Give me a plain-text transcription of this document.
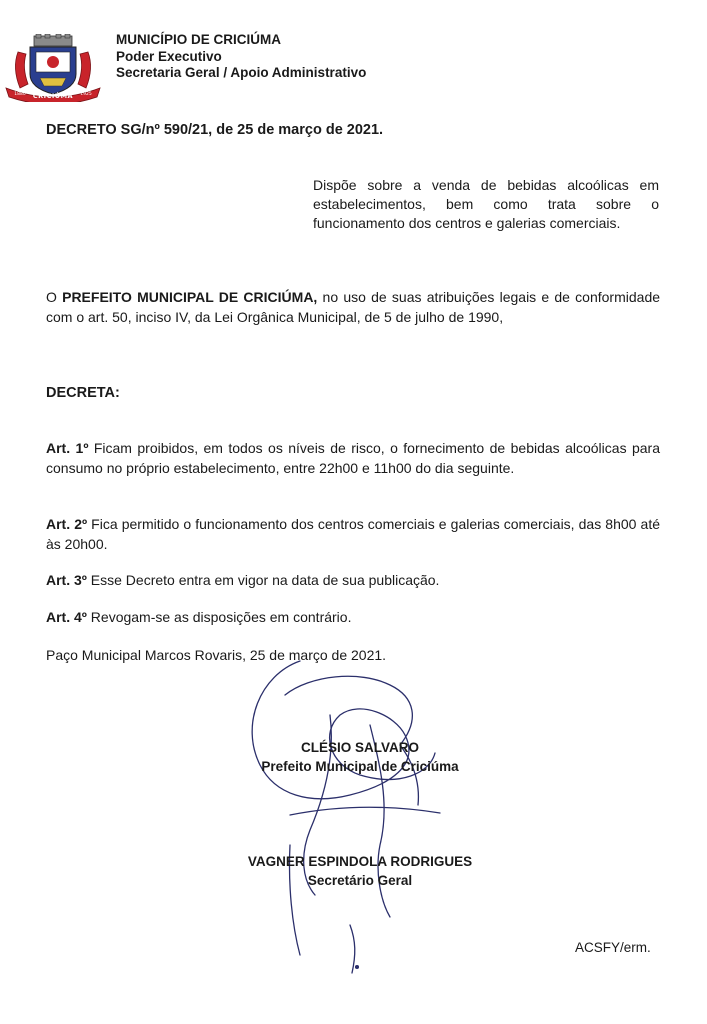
CRICIÚMA
1880	1925
MUNICÍPIO DE CRICIÚMA
Poder Executivo
Secretaria Geral / Apoio Administrativo
DECRETO SG/nº 590/21, de 25 de março de 2021.
Dispõe sobre a venda de bebidas alcoólicas em estabelecimentos, bem como trata sobre o funcionamento dos centros e galerias comerciais.
O PREFEITO MUNICIPAL DE CRICIÚMA, no uso de suas atribuições legais e de conformidade com o art. 50, inciso IV, da Lei Orgânica Municipal, de 5 de julho de 1990,
DECRETA:
Art. 1º Ficam proibidos, em todos os níveis de risco, o fornecimento de bebidas alcoólicas para consumo no próprio estabelecimento, entre 22h00 e 11h00 do dia seguinte.
Art. 2º Fica permitido o funcionamento dos centros comerciais e galerias comerciais, das 8h00 até às 20h00.
Art. 3º Esse Decreto entra em vigor na data de sua publicação.
Art. 4º Revogam-se as disposições em contrário.
Paço Municipal Marcos Rovaris, 25 de março de 2021.
CLÉSIO SALVARO
Prefeito Municipal de Criciúma
VAGNER ESPINDOLA RODRIGUES
Secretário Geral
ACSFY/erm.
